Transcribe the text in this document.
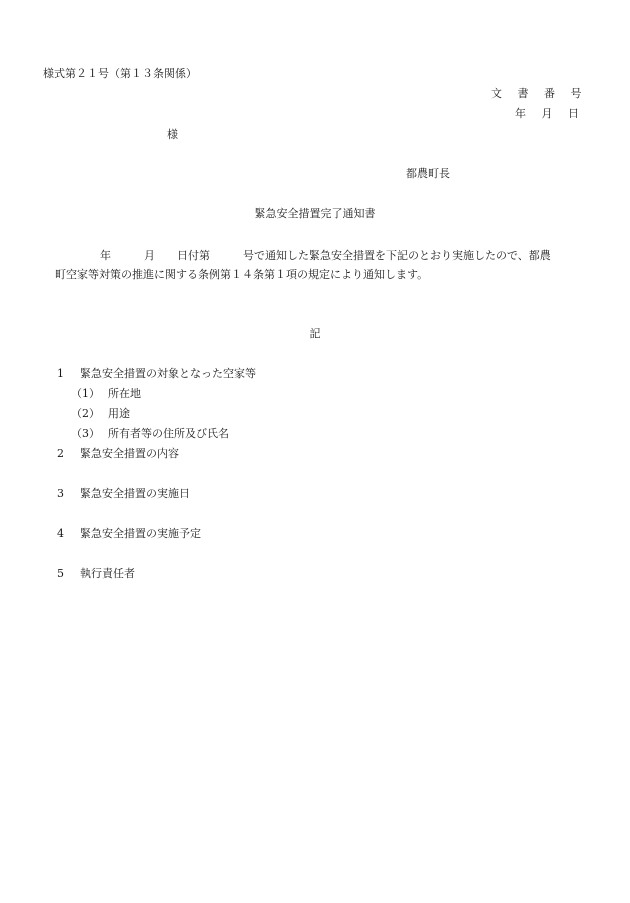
様式第２１号（第１３条関係）
文 書 番 号
年 月 日
様
都農町長
緊急安全措置完了通知書
年　　　月　　日付第　　　号で通知した緊急安全措置を下記のとおり実施したので、都農
町空家等対策の推進に関する条例第１４条第１項の規定により通知します。
記
1 緊急安全措置の対象となった空家等
（1） 所在地
（2） 用途
（3） 所有者等の住所及び氏名
2 緊急安全措置の内容
3 緊急安全措置の実施日
4 緊急安全措置の実施予定
5 執行責任者
